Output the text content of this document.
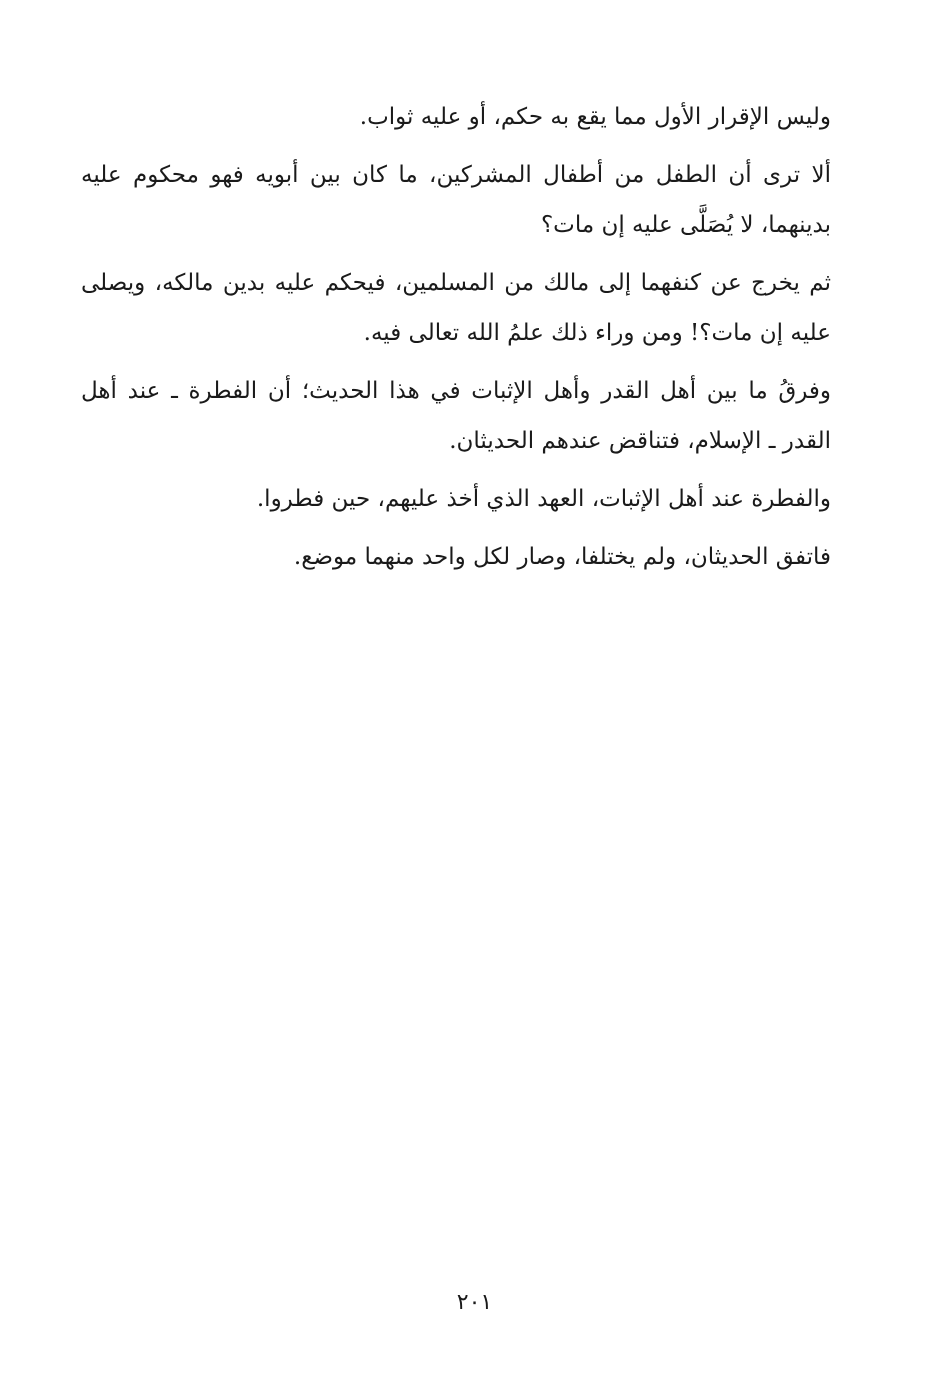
وليس الإقرار الأول مما يقع به حكم، أو عليه ثواب.

ألا ترى أن الطفل من أطفال المشركين، ما كان بين أبويه فهو محكوم عليه بدينهما، لا يُصَلَّى عليه إن مات؟

ثم يخرج عن كنفهما إلى مالك من المسلمين، فيحكم عليه بدين مالكه، ويصلى عليه إن مات؟! ومن وراء ذلك علمُ الله تعالى فيه.

وفرقُ ما بين أهل القدر وأهل الإثبات في هذا الحديث؛ أن الفطرة ـ عند أهل القدر ـ الإسلام، فتناقض عندهم الحديثان.

والفطرة عند أهل الإثبات، العهد الذي أخذ عليهم، حين فطروا.

فاتفق الحديثان، ولم يختلفا، وصار لكل واحد منهما موضع.

٢٠١
